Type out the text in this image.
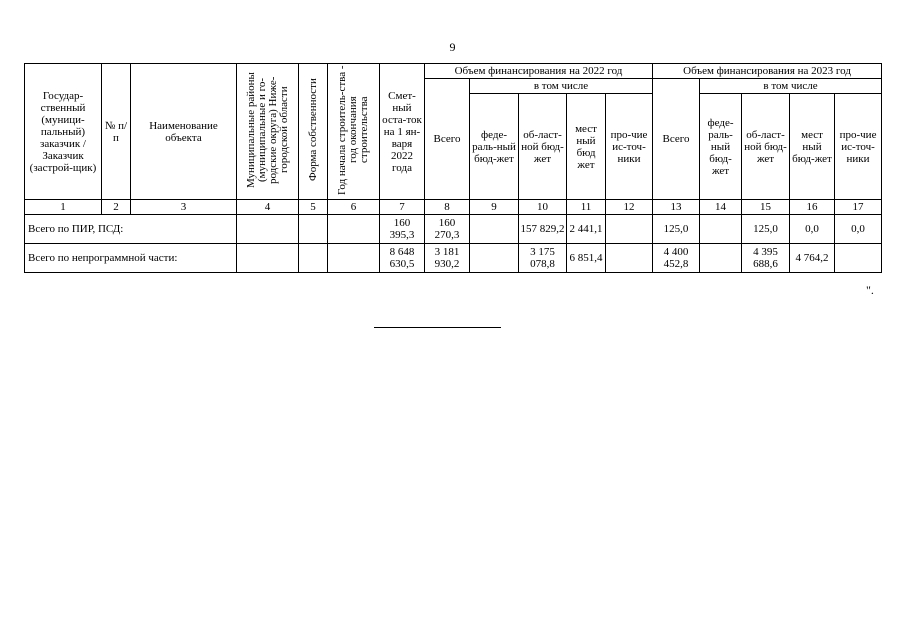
9
Государ-ственный (муници-пальный) заказчик / Заказчик (застрой-щик)	№ п/п	Наименование объекта	Муниципальные районы (муниципальные и го-родские округа) Ниже-городской области	Форма собственности	Год начала строитель-ства - год окончания строительства	Смет-ный оста-ток на 1 ян-варя 2022 года	Объем финансирования на 2022 год					Объем финансирования на 2023 год				
							Всего	в том числе				Всего	в том числе			
								феде-раль-ный бюд-жет	об-ласт-ной бюд-жет	мест ный бюд жет	про-чие ис-точ-ники		феде-раль-ный бюд-жет	об-ласт-ной бюд-жет	мест ный бюд-жет	про-чие ис-точ-ники
1	2	3	4	5	6	7	8	9	10	11	12	13	14	15	16	17
Всего по ПИР, ПСД:						160 395,3	160 270,3		157 829,2	2 441,1		125,0		125,0	0,0	0,0
Всего по непрограммной части:						8 648 630,5	3 181 930,2		3 175 078,8	6 851,4		4 400 452,8		4 395 688,6	4 764,2	
".
